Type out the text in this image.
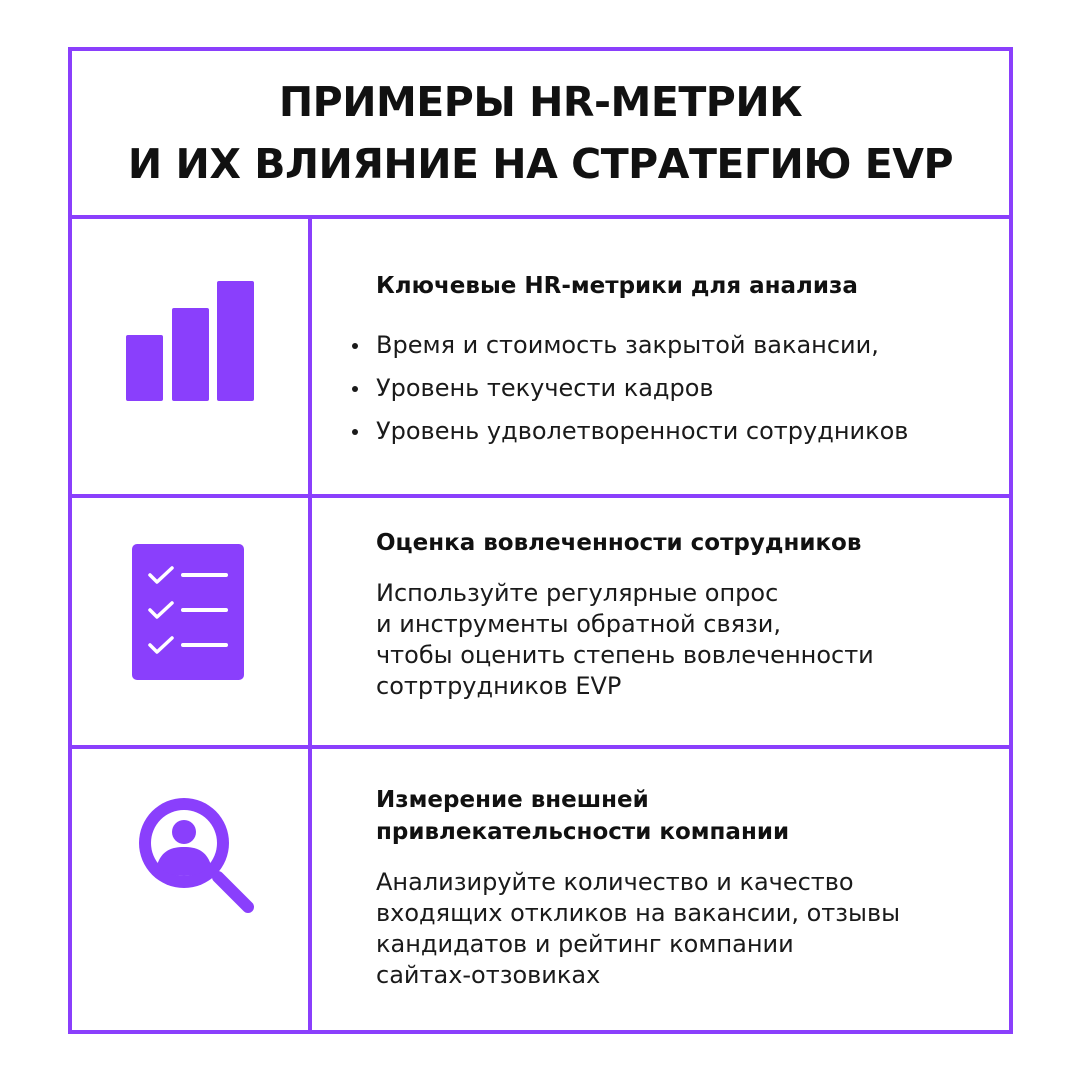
ПРИМЕРЫ HR-МЕТРИК
И ИХ ВЛИЯНИЕ НА СТРАТЕГИЮ EVP
Ключевые HR-метрики для анализа
Время и стоимость закрытой вакансии,
Уровень текучести кадров
Уровень удволетворенности сотрудников
Оценка вовлеченности сотрудников
Используйте регулярные опрос
и инструменты обратной связи,
чтобы оценить степень вовлеченности
сотртрудников EVP
Измерение внешней
привлекательсности компании
Анализируйте количество и качество
входящих откликов на вакансии, отзывы
кандидатов и рейтинг компании
сайтах-отзовиках
